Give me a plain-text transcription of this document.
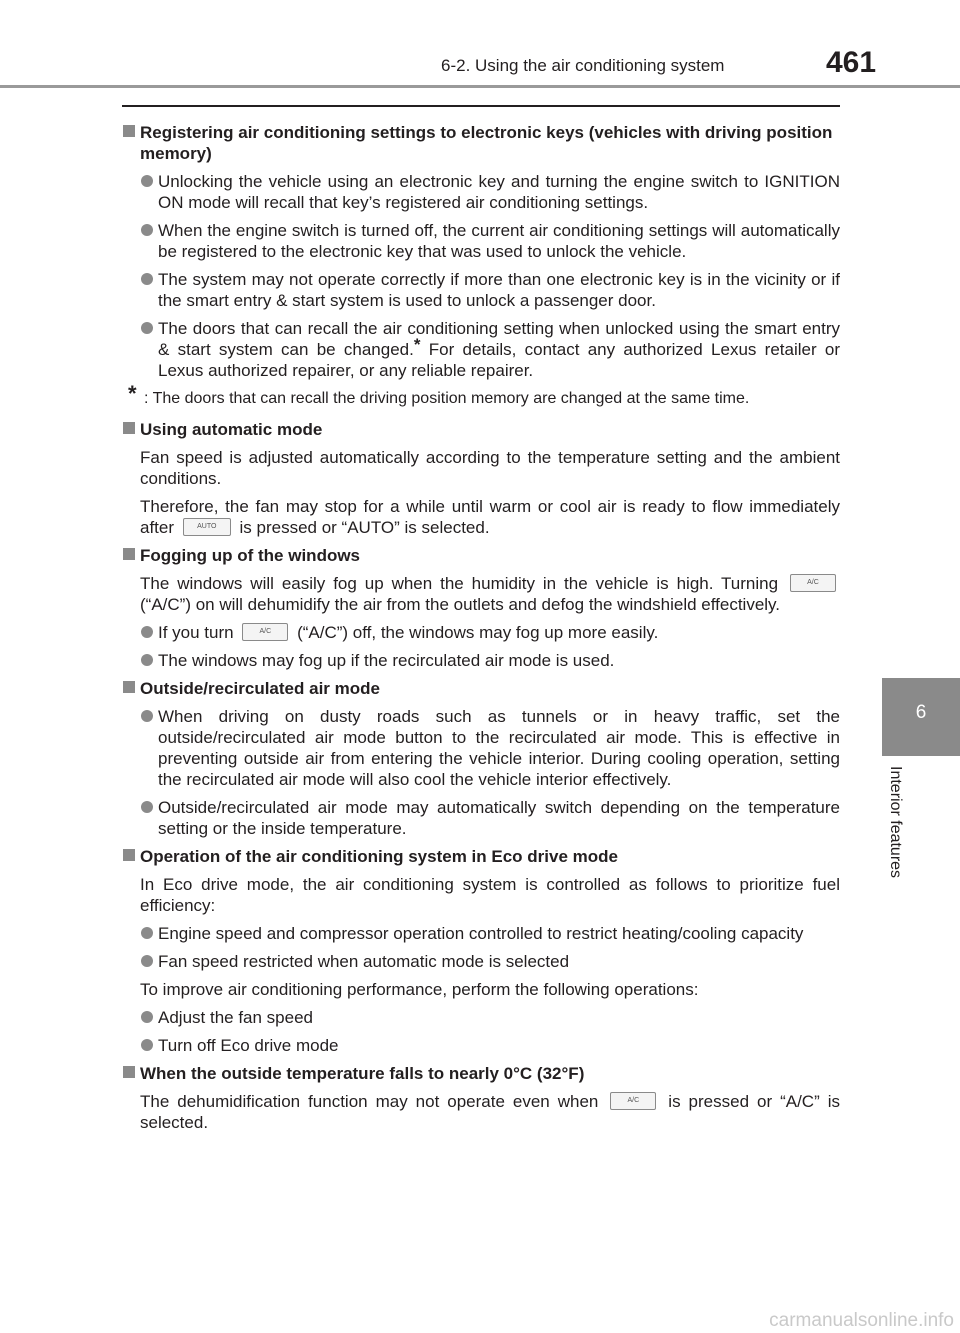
6-2. Using the air conditioning system	461
6
Interior features
Registering air conditioning settings to electronic keys (vehicles with driving position memory)
Unlocking the vehicle using an electronic key and turning the engine switch to IGNITION ON mode will recall that key’s registered air conditioning settings.
When the engine switch is turned off, the current air conditioning settings will automatically be registered to the electronic key that was used to unlock the vehicle.
The system may not operate correctly if more than one electronic key is in the vicinity or if the smart entry & start system is used to unlock a passenger door.
The doors that can recall the air conditioning setting when unlocked using the smart entry & start system can be changed.* For details, contact any authorized Lexus retailer or Lexus authorized repairer, or any reliable repairer.
* : The doors that can recall the driving position memory are changed at the same time.
Using automatic mode
Fan speed is adjusted automatically according to the temperature setting and the ambient conditions.
Therefore, the fan may stop for a while until warm or cool air is ready to flow immediately after	AUTO is pressed or “AUTO” is selected.
Fogging up of the windows
The windows will easily fog up when the humidity in the vehicle is high. Turning	A/C (“A/C”) on will dehumidify the air from the outlets and defog the windshield effectively.
If you turn	A/C (“A/C”) off, the windows may fog up more easily.
The windows may fog up if the recirculated air mode is used.
Outside/recirculated air mode
When driving on dusty roads such as tunnels or in heavy traffic, set the outside/recirculated air mode button to the recirculated air mode. This is effective in preventing outside air from entering the vehicle interior. During cooling operation, setting the recirculated air mode will also cool the vehicle interior effectively.
Outside/recirculated air mode may automatically switch depending on the temperature setting or the inside temperature.
Operation of the air conditioning system in Eco drive mode
In Eco drive mode, the air conditioning system is controlled as follows to prioritize fuel efficiency:
Engine speed and compressor operation controlled to restrict heating/cooling capacity
Fan speed restricted when automatic mode is selected
To improve air conditioning performance, perform the following operations:
Adjust the fan speed
Turn off Eco drive mode
When the outside temperature falls to nearly 0°C (32°F)
The dehumidification function may not operate even when	A/C is pressed or “A/C” is selected.
carmanualsonline.info
